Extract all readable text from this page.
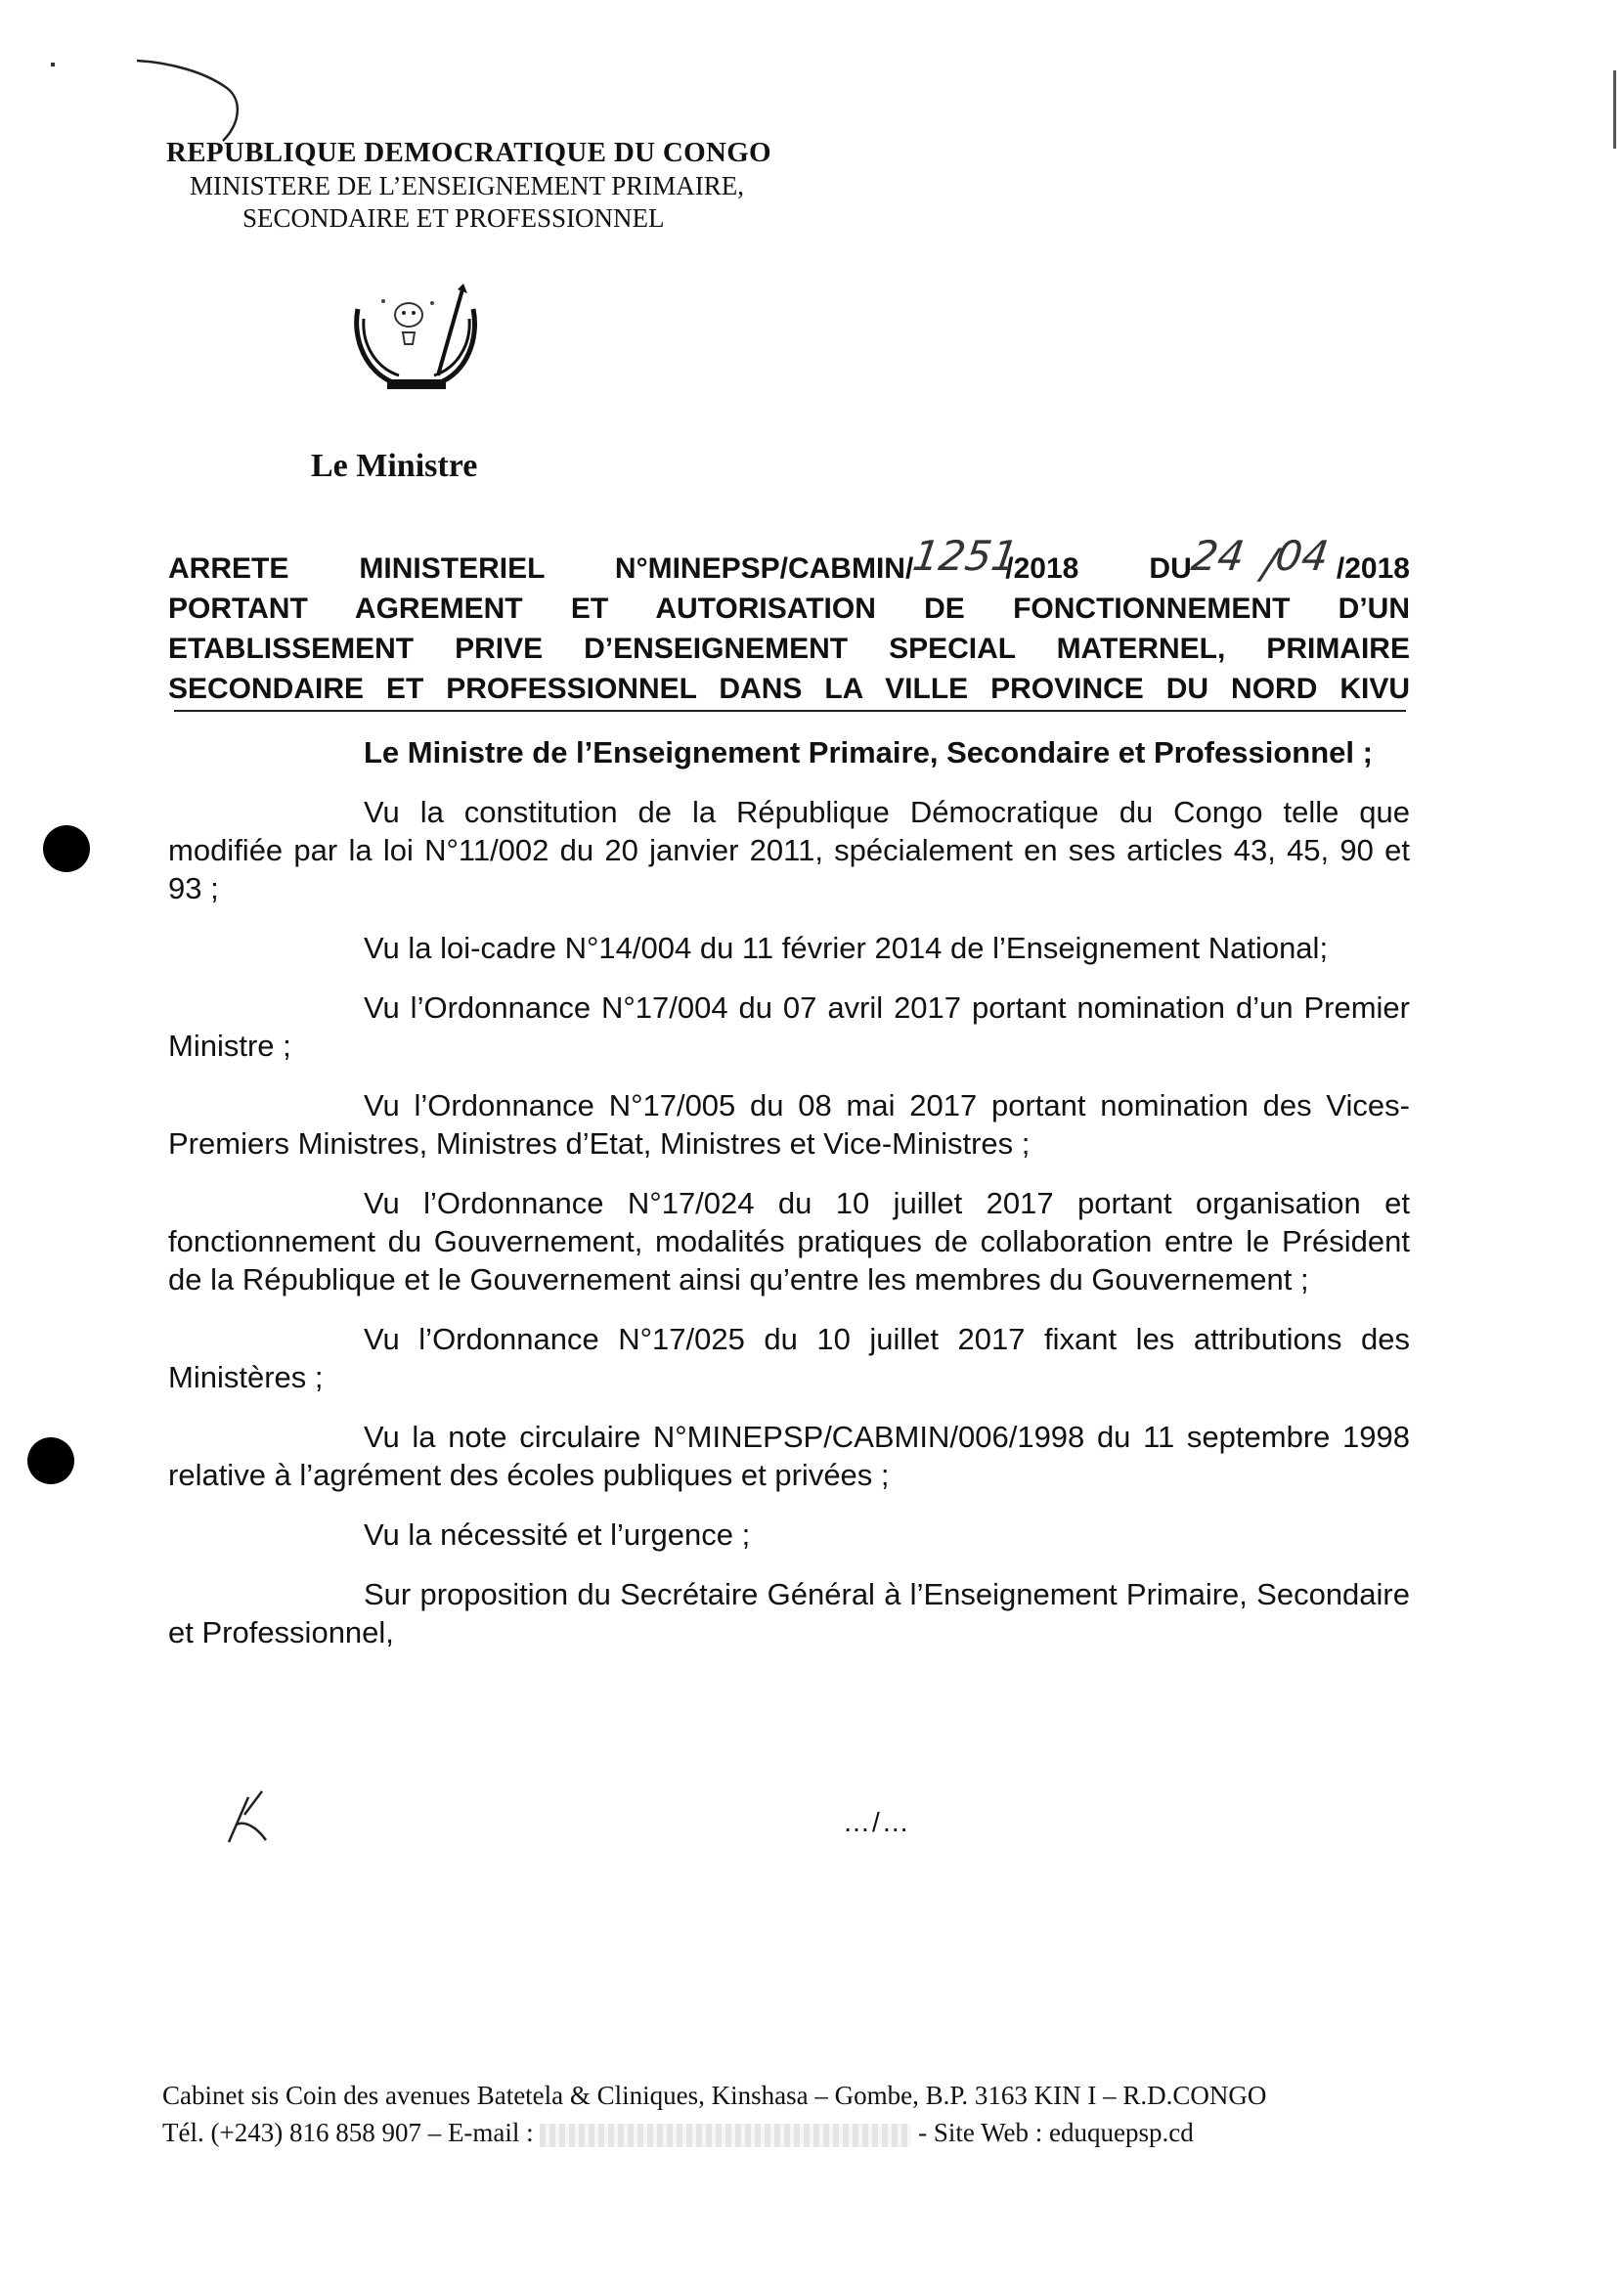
REPUBLIQUE DEMOCRATIQUE DU CONGO
MINISTERE DE L’ENSEIGNEMENT PRIMAIRE,
SECONDAIRE ET PROFESSIONNEL
Le Ministre
ARRETE MINISTERIEL N°MINEPSP/CABMIN/1251/2018 DU24 /04 /2018
PORTANT AGREMENT ET AUTORISATION DE FONCTIONNEMENT D’UN
ETABLISSEMENT PRIVE D’ENSEIGNEMENT SPECIAL MATERNEL, PRIMAIRE
SECONDAIRE ET PROFESSIONNEL DANS LA VILLE PROVINCE DU NORD KIVU

Le Ministre de l’Enseignement Primaire, Secondaire et Professionnel ;

Vu la constitution de la République Démocratique du Congo telle que modifiée par la loi N°11/002 du 20 janvier 2011, spécialement en ses articles 43, 45, 90 et 93 ;

Vu la loi-cadre N°14/004 du 11 février 2014 de l’Enseignement National;

Vu l’Ordonnance N°17/004 du 07 avril 2017 portant nomination d’un Premier Ministre ;

Vu l’Ordonnance N°17/005 du 08 mai 2017 portant nomination des Vices-Premiers Ministres, Ministres d’Etat, Ministres et Vice-Ministres ;

Vu l’Ordonnance N°17/024 du 10 juillet 2017 portant organisation et fonctionnement du Gouvernement, modalités pratiques de collaboration entre le Président de la République et le Gouvernement ainsi qu’entre les membres du Gouvernement ;

Vu l’Ordonnance N°17/025 du 10 juillet 2017 fixant les attributions des Ministères ;

Vu la note circulaire N°MINEPSP/CABMIN/006/1998 du 11 septembre 1998 relative à l’agrément des écoles publiques et privées ;

Vu la nécessité et l’urgence ;

Sur proposition du Secrétaire Général à l’Enseignement Primaire, Secondaire et Professionnel,

…/…
Cabinet sis Coin des avenues Batetela & Cliniques, Kinshasa – Gombe, B.P. 3163 KIN I – R.D.CONGO
Tél. (+243) 816 858 907 – E-mail :	- Site Web : eduquepsp.cd
